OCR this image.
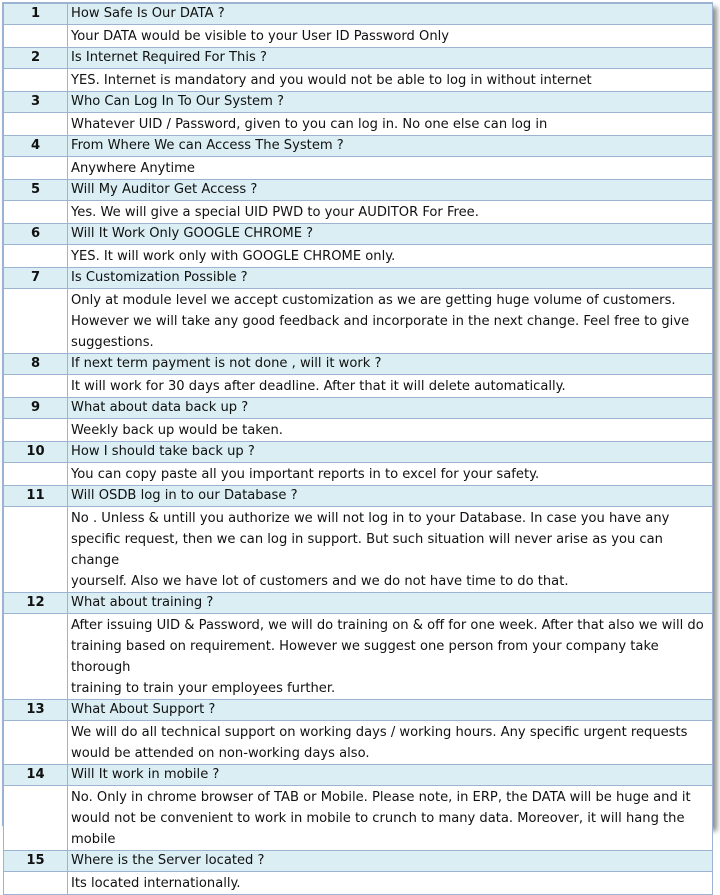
1	How Safe Is Our DATA ?

	Your DATA would be visible to your User ID Password Only

2	Is Internet Required For This ?

	YES. Internet is mandatory and you would not be able to log in without internet

3	Who Can Log In To Our System ?

	Whatever UID / Password, given to you can log in. No one else can log in

4	From Where We can Access The System ?

	Anywhere Anytime

5	Will My Auditor Get Access ?

	Yes. We will give a special UID PWD to your AUDITOR For Free.

6	Will It Work Only GOOGLE CHROME ?

	YES. It will work only with GOOGLE CHROME only.

7	Is Customization Possible ?

	Only at module level we accept customization as we are getting huge volume of customers.
However we will take any good feedback and incorporate in the next change. Feel free to give
suggestions.

8	If next term payment is not done , will it work ?

	It will work for 30 days after deadline. After that it will delete automatically.

9	What about data back up ?

	Weekly back up would be taken.

10	How I should take back up ?

	You can copy paste all you important reports in to excel for your safety.

11	Will OSDB log in to our Database ?

	No . Unless & untill you authorize we will not log in to your Database. In case you have any
specific request, then we can log in support. But such situation will never arise as you can change
yourself. Also we have lot of customers and we do not have time to do that.

12	What about training ?

	After issuing UID & Password, we will do training on & off for one week. After that also we will do
training based on requirement. However we suggest one person from your company take thorough
training to train your employees further.

13	What About Support ?

	We will do all technical support on working days / working hours. Any specific urgent requests
would be attended on non-working days also.

14	Will It work in mobile ?

	No. Only in chrome browser of TAB or Mobile. Please note, in ERP, the DATA will be huge and it
would not be convenient to work in mobile to crunch to many data. Moreover, it will hang the
mobile

15	Where is the Server located ?

	Its located internationally.
